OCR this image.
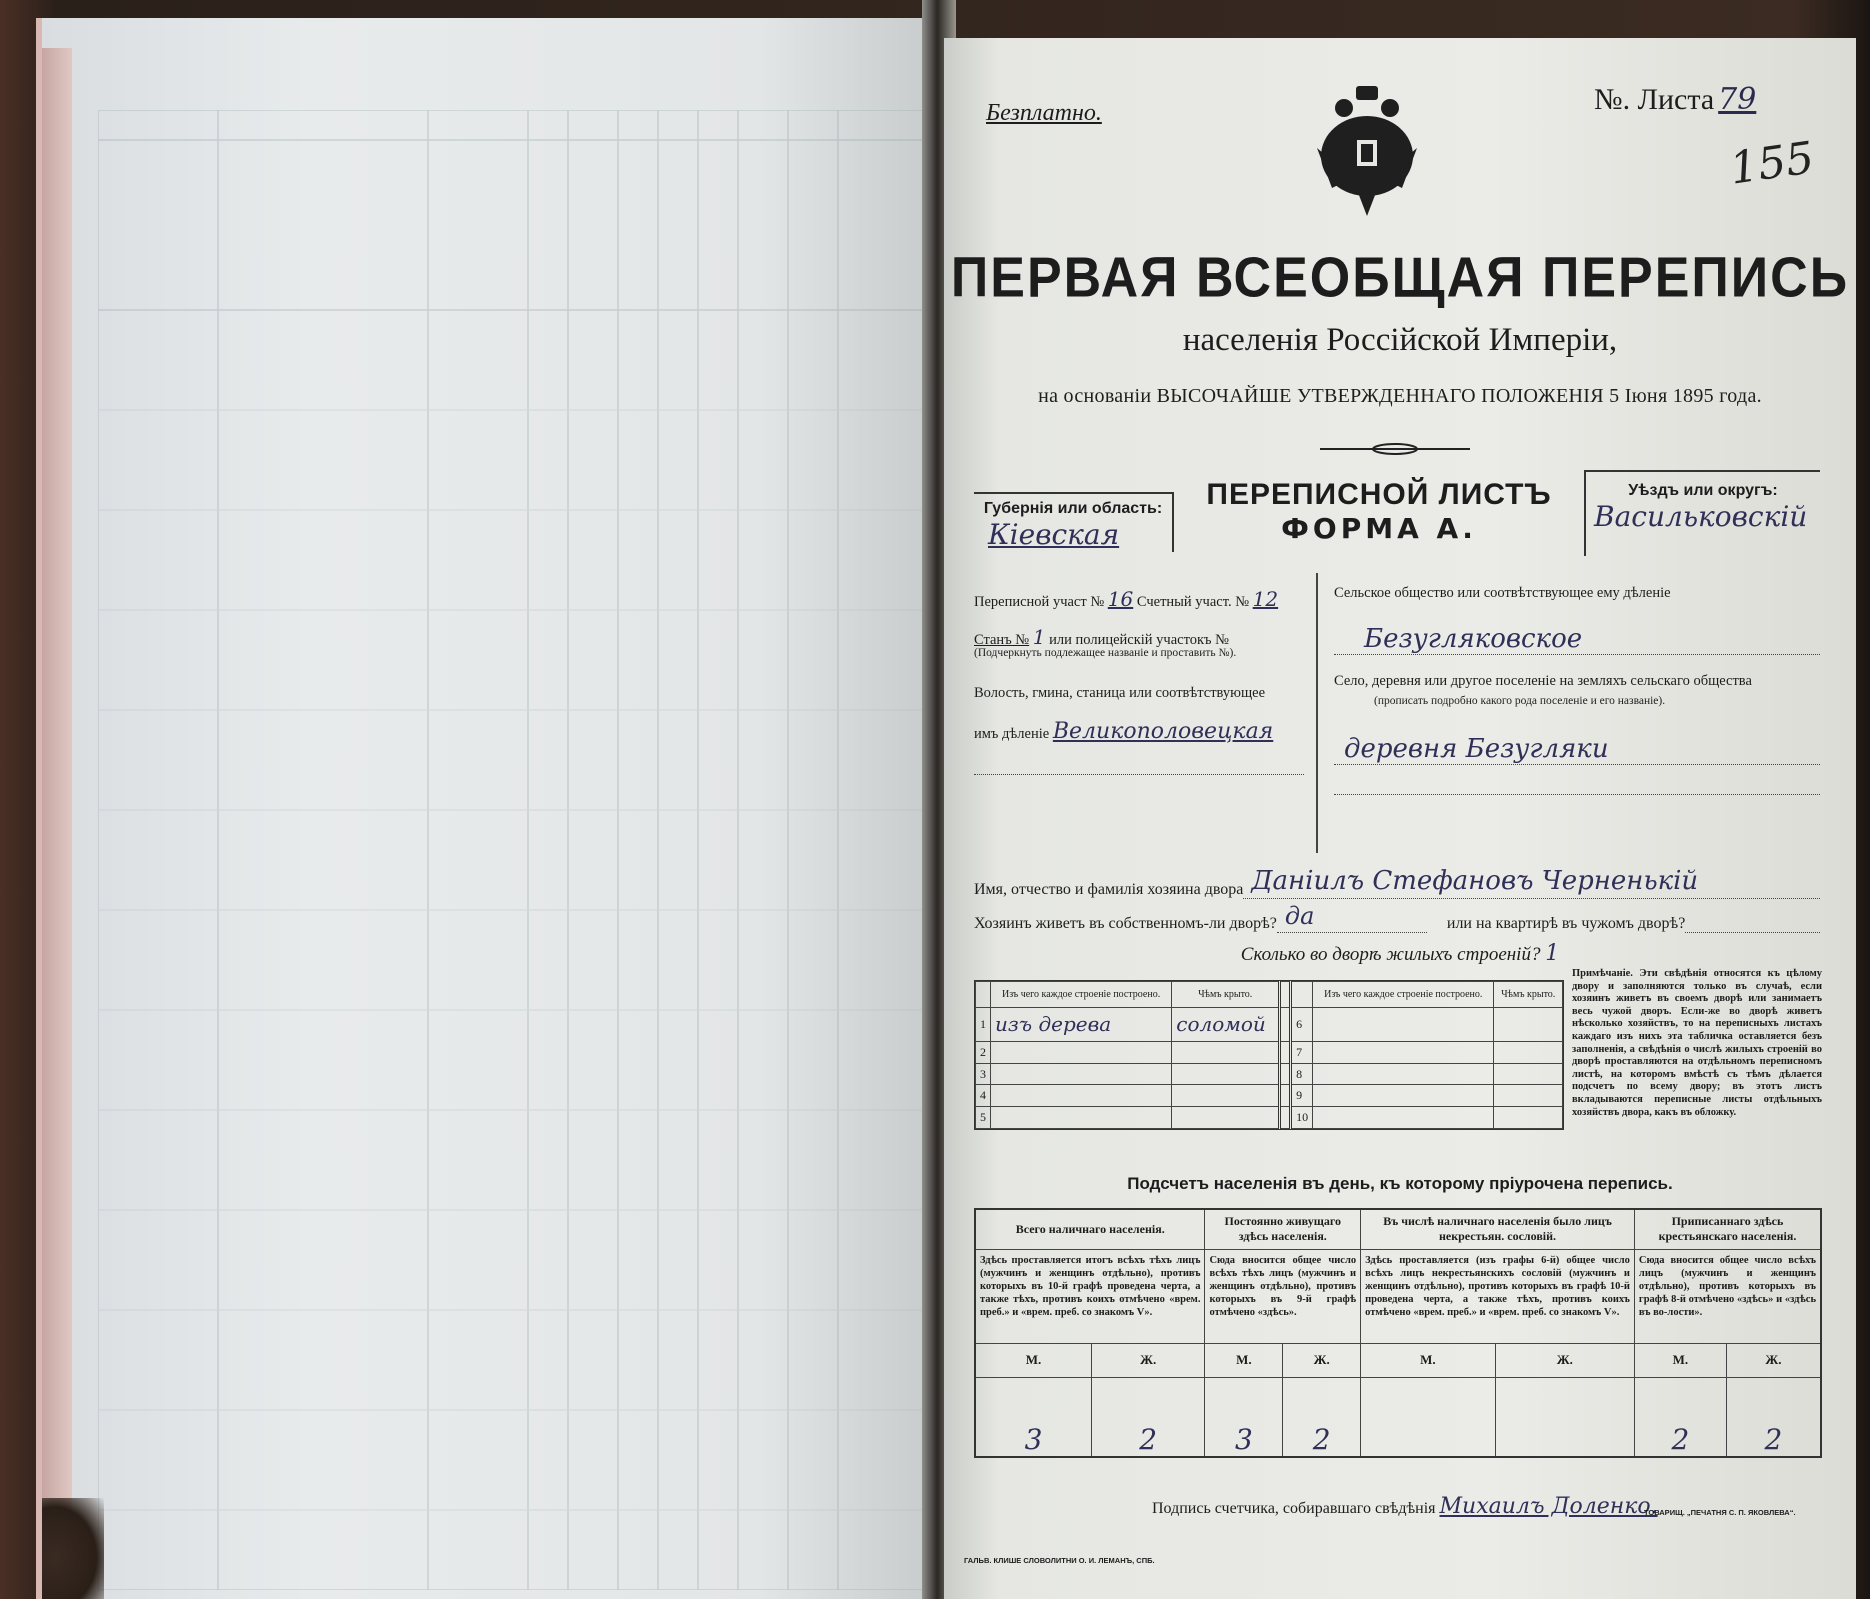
Безплатно.	№. Листа 79
155
ПЕРВАЯ ВСЕОБЩАЯ ПЕРЕПИСЬ
населенія Россійской Имперіи,
на основаніи ВЫСОЧАЙШЕ УТВЕРЖДЕННАГО ПОЛОЖЕНІЯ 5 Іюня 1895 года.
Губернія или область:
Кіевская
ПЕРЕПИСНОЙ ЛИСТЪ
ФОРМА А.
Уѣздъ или округъ:
Васильковскій
Переписной участ № 16 Счетный участ. № 12
Станъ № 1 или полицейскій участокъ №
(Подчеркнуть подлежащее названіе и проставить №).
Волость, гмина, станица или соотвѣтствующее
имъ дѣленіе Великополовецкая
Сельское общество или соотвѣтствующее ему дѣленіе
Безугляковское
Село, деревня или другое поселеніе на земляхъ сельскаго общества
(прописать подробно какого рода поселеніе и его названіе).
деревня Безугляки
Имя, отчество и фамилія хозяина двора Даніилъ Стефановъ Черненькій
Хозяинъ живетъ въ собственномъ-ли дворѣ? да	или на квартирѣ въ чужомъ дворѣ?
Сколько во дворѣ жилыхъ строеній? 1
	Изъ чего каждое строеніе построено.	Чѣмъ крыто.			Изъ чего каждое строеніе построено.	Чѣмъ крыто.
1	изъ дерева	соломой		6		
2				7		
3				8		
4				9		
5				10		
Примѣчаніе. Эти свѣдѣнія относятся къ цѣлому двору и заполняются только въ случаѣ, если хозяинъ живетъ въ своемъ дворѣ или занимаетъ весь чужой дворъ. Если-же во дворѣ живетъ нѣсколько хозяйствъ, то на переписныхъ листахъ каждаго изъ нихъ эта табличка оставляется безъ заполненія, а свѣдѣнія о числѣ жилыхъ строеній во дворѣ проставляются на отдѣльномъ переписномъ листѣ, на которомъ вмѣстѣ съ тѣмъ дѣлается подсчетъ по всему двору; въ этотъ листъ вкладываются переписные листы отдѣльныхъ хозяйствъ двора, какъ въ обложку.
Подсчетъ населенія въ день, къ которому пріурочена перепись.
Всего наличнаго населенія.		Постоянно живущаго здѣсь населенія.		Въ числѣ наличнаго населенія было лицъ некрестьян. сословій.		Приписаннаго здѣсь крестьянскаго населенія.	
Здѣсь проставляется итогъ всѣхъ тѣхъ лицъ (мужчинъ и женщинъ отдѣльно), противъ которыхъ въ 10-й графѣ проведена черта, а также тѣхъ, противъ коихъ отмѣчено «врем. преб.» и «врем. преб. со знакомъ V».		Сюда вносится общее число всѣхъ тѣхъ лицъ (мужчинъ и женщинъ отдѣльно), противъ которыхъ въ 9-й графѣ отмѣчено «здѣсь».		Здѣсь проставляется (изъ графы 6-й) общее число всѣхъ лицъ некрестьянскихъ сословій (мужчинъ и женщинъ отдѣльно), противъ которыхъ въ графѣ 10-й проведена черта, а также тѣхъ, противъ коихъ отмѣчено «врем. преб.» и «врем. преб. со знакомъ V».		Сюда вносится общее число всѣхъ лицъ (мужчинъ и женщинъ отдѣльно), противъ которыхъ въ графѣ 8-й отмѣчено «здѣсь» и «здѣсь въ во-лости».	
М.	Ж.	М.	Ж.	М.	Ж.	М.	Ж.
3	2	3	2			2	2
Подпись счетчика, собиравшаго свѣдѣнія Михаилъ Доленко.
ТОВАРИЩ. „ПЕЧАТНЯ С. П. ЯКОВЛЕВА“.
ГАЛЬВ. КЛИШЕ СЛОВОЛИТНИ О. И. ЛЕМАНЪ, СПБ.
